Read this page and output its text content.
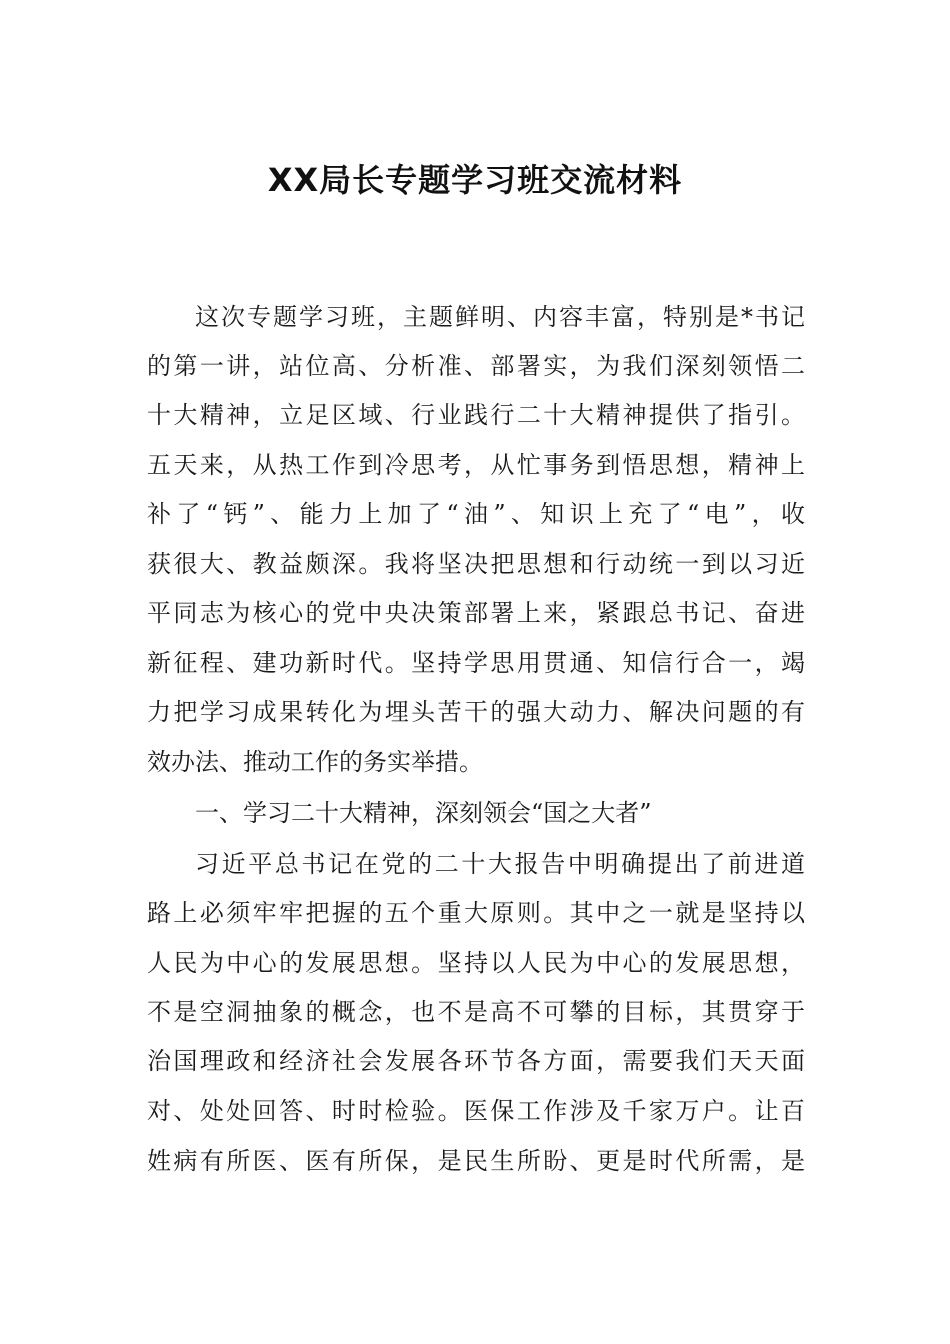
XX局长专题学习班交流材料
这次专题学习班，主题鲜明、内容丰富，特别是*书记
的第一讲，站位高、分析准、部署实，为我们深刻领悟二
十大精神，立足区域、行业践行二十大精神提供了指引。
五天来，从热工作到冷思考，从忙事务到悟思想，精神上
补了“钙”、能力上加了“油”、知识上充了“电”，收
获很大、教益颇深。我将坚决把思想和行动统一到以习近
平同志为核心的党中央决策部署上来，紧跟总书记、奋进
新征程、建功新时代。坚持学思用贯通、知信行合一，竭
力把学习成果转化为埋头苦干的强大动力、解决问题的有
效办法、推动工作的务实举措。
一、学习二十大精神，深刻领会“国之大者”
习近平总书记在党的二十大报告中明确提出了前进道
路上必须牢牢把握的五个重大原则。其中之一就是坚持以
人民为中心的发展思想。坚持以人民为中心的发展思想，
不是空洞抽象的概念，也不是高不可攀的目标，其贯穿于
治国理政和经济社会发展各环节各方面，需要我们天天面
对、处处回答、时时检验。医保工作涉及千家万户。让百
姓病有所医、医有所保，是民生所盼、更是时代所需，是
